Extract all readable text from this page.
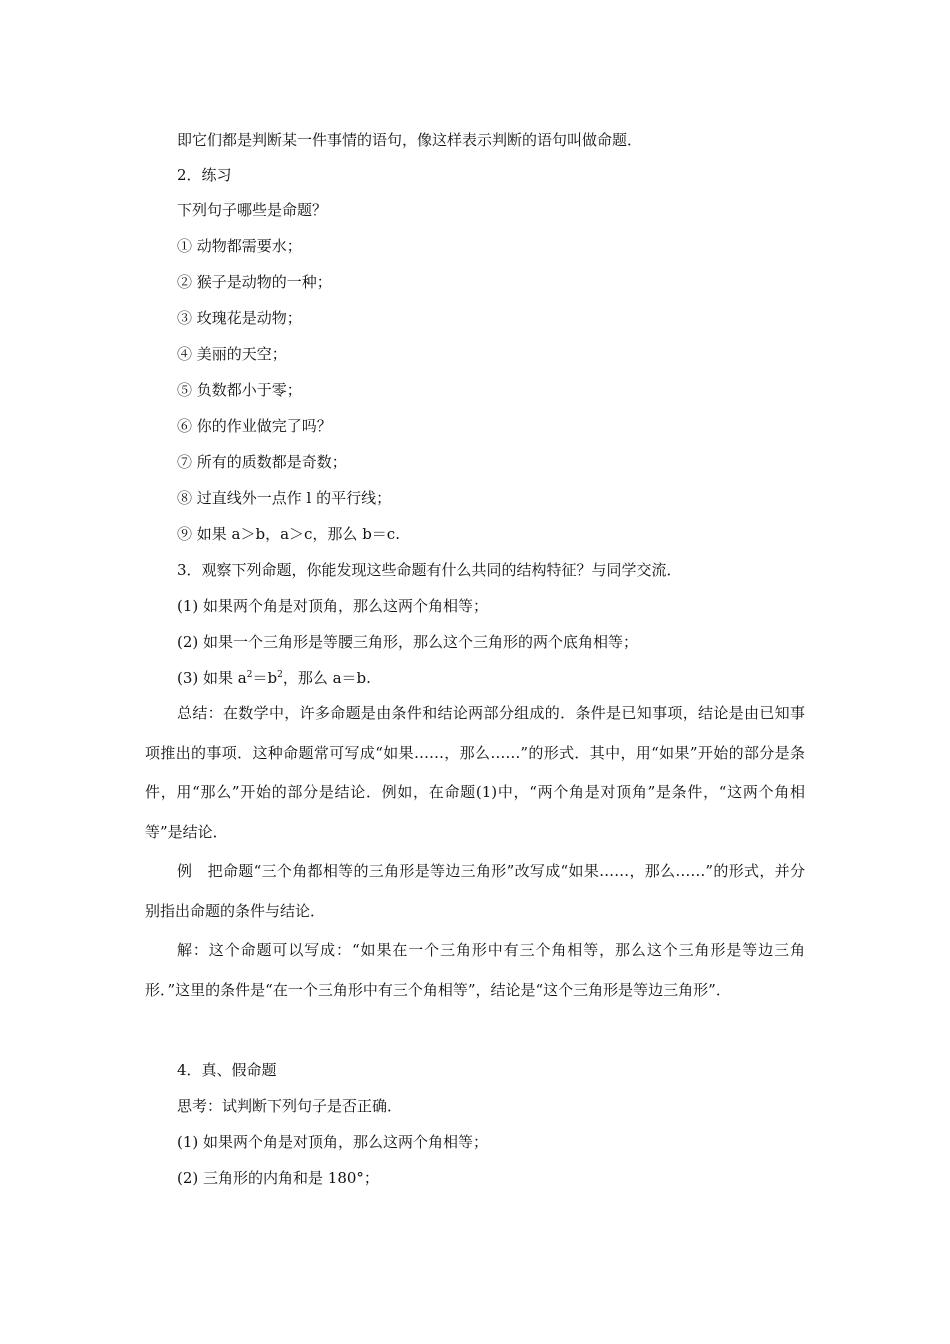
即它们都是判断某一件事情的语句，像这样表示判断的语句叫做命题．
2．练习
下列句子哪些是命题？
① 动物都需要水；
② 猴子是动物的一种；
③ 玫瑰花是动物；
④ 美丽的天空；
⑤ 负数都小于零；
⑥ 你的作业做完了吗？
⑦ 所有的质数都是奇数；
⑧ 过直线外一点作 l 的平行线；
⑨ 如果 a＞b，a＞c，那么 b＝c.
3．观察下列命题，你能发现这些命题有什么共同的结构特征？与同学交流．
(1) 如果两个角是对顶角，那么这两个角相等；
(2) 如果一个三角形是等腰三角形，那么这个三角形的两个底角相等；
(3) 如果 $a^2=b^2$，那么 a＝b.
总结：在数学中，许多命题是由条件和结论两部分组成的．条件是已知事项，结论是由已知事项推出的事项．这种命题常可写成“如果……，那么……”的形式．其中，用“如果”开始的部分是条件，用“那么”开始的部分是结论．例如，在命题(1)中，“两个角是对顶角”是条件，“这两个角相等”是结论．
例　把命题“三个角都相等的三角形是等边三角形”改写成“如果……，那么……”的形式，并分别指出命题的条件与结论．
解：这个命题可以写成：“如果在一个三角形中有三个角相等，那么这个三角形是等边三角形．”这里的条件是“在一个三角形中有三个角相等”，结论是“这个三角形是等边三角形”．
4．真、假命题
思考：试判断下列句子是否正确．
(1) 如果两个角是对顶角，那么这两个角相等；
(2) 三角形的内角和是 180°；
